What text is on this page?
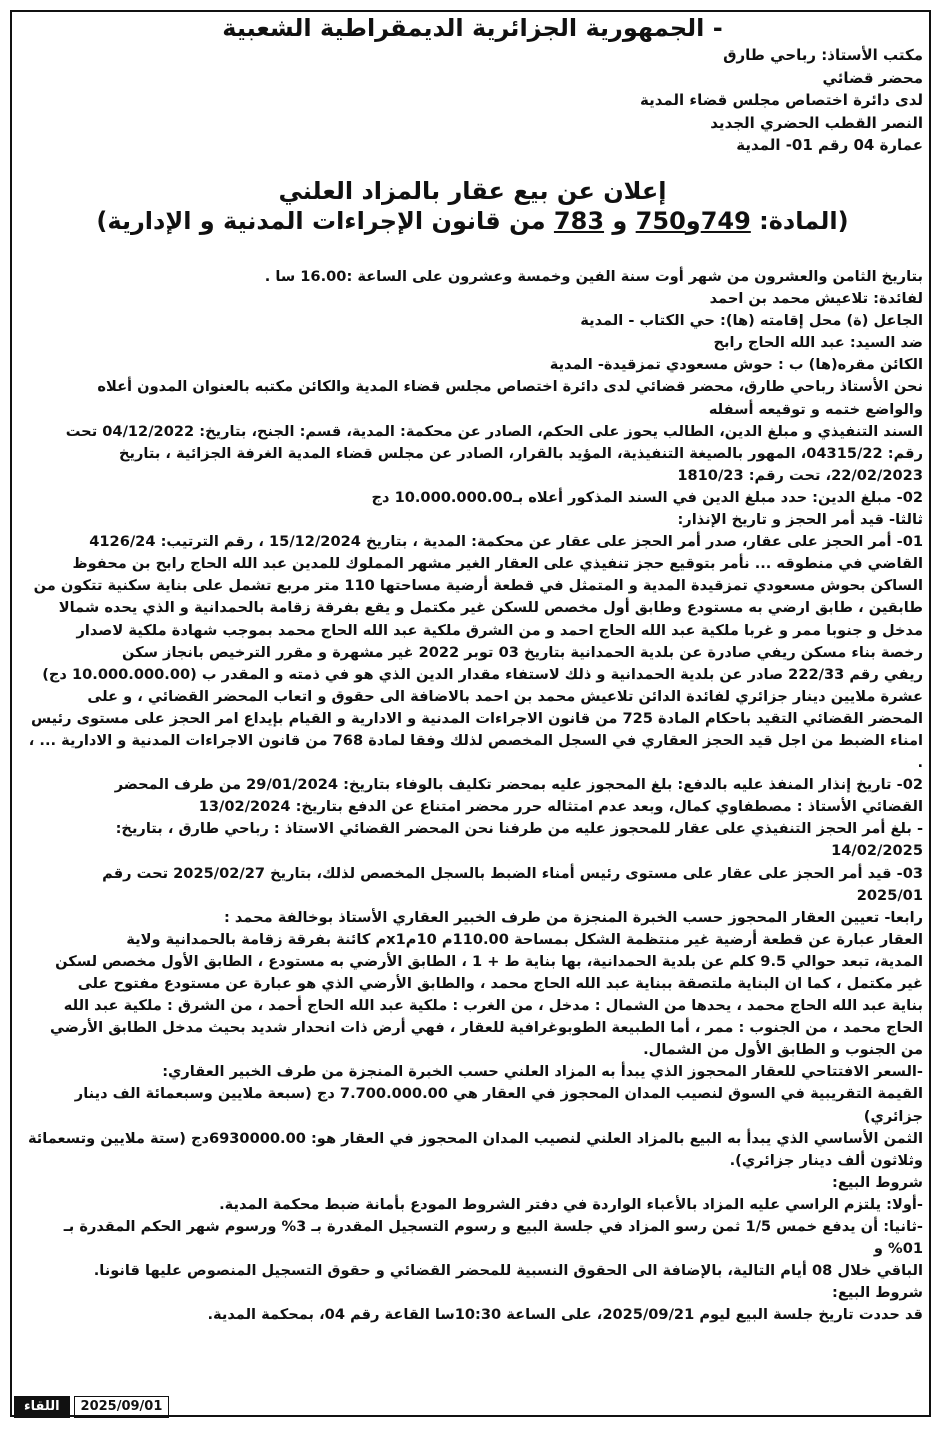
- الجمهورية الجزائرية الديمقراطية الشعبية
مكتب الأستاذ: رباحي طارق
محضر قضائي
لدى دائرة اختصاص مجلس قضاء المدية
النصر القطب الحضري الجديد
عمارة 04 رقم 01- المدية
إعلان عن بيع عقار بالمزاد العلني
(المادة: 749و750 و 783 من قانون الإجراءات المدنية و الإدارية)
بتاريخ الثامن والعشرون من شهر أوت سنة الفين وخمسة وعشرون على الساعة :16.00 سا .
لفائدة: تلاعيش محمد بن احمد
الجاعل (ة) محل إقامته (ها): حي الكتاب - المدية
ضد السيد: عبد الله الحاج رابح
الكائن مقره(ها) ب : حوش مسعودي تمزقيدة- المدية
نحن الأستاذ رباحي طارق، محضر قضائي لدى دائرة اختصاص مجلس قضاء المدية والكائن مكتبه بالعنوان المدون أعلاه
والواضع ختمه و توقيعه أسفله
السند التنفيذي و مبلغ الدين، الطالب يحوز على الحكم، الصادر عن محكمة: المدية، قسم: الجنح، بتاريخ: 04/12/2022 تحت
رقم: 04315/22، المهور بالصيغة التنفيذية، المؤيد بالقرار، الصادر عن مجلس قضاء المدية الغرفة الجزائية ، بتاريخ
22/02/2023، تحت رقم: 1810/23
02- مبلغ الدين: حدد مبلغ الدين في السند المذكور أعلاه بـ10.000.000.00 دج
ثالثا- قيد أمر الحجز و تاريخ الإنذار:
01- أمر الحجز على عقار، صدر أمر الحجز على عقار عن محكمة: المدية ، بتاريخ 15/12/2024 ، رقم الترتيب: 4126/24
القاضي في منطوقه ... نأمر بتوقيع حجز تنفيذي على العقار الغير مشهر المملوك للمدين عبد الله الحاج رابح بن محفوظ
الساكن بحوش مسعودي تمزقيدة المدية و المتمثل في قطعة أرضية مساحتها 110 متر مربع تشمل على بناية سكنية تتكون من
طابقين ، طابق ارضي به مستودع وطابق أول مخصص للسكن غير مكتمل و يقع بفرقة زقامة بالحمدانية و الذي يحده شمالا
مدخل و جنوبا ممر و غربا ملكية عبد الله الحاج احمد و من الشرق ملكية عبد الله الحاج محمد بموجب شهادة ملكية لاصدار
رخصة بناء مسكن ريفي صادرة عن بلدية الحمدانية بتاريخ 03 توبر 2022 غير مشهرة و مقرر الترخيص بانجاز سكن
ريفي رقم 222/33 صادر عن بلدية الحمدانية و ذلك لاستفاء مقدار الدين الذي هو في ذمته و المقدر ب (10.000.000.00 دج)
عشرة ملايين دينار جزائري لفائدة الدائن تلاعيش محمد بن احمد بالاضافة الى حقوق و اتعاب المحضر القضائي ، و على
المحضر القضائي التقيد باحكام المادة 725 من قانون الاجراءات المدنية و الادارية و القيام بإيداع امر الحجز على مستوى رئيس
امناء الضبط من اجل قيد الحجز العقاري في السجل المخصص لذلك وفقا لمادة 768 من قانون الاجراءات المدنية و الادارية ... ،
.
02- تاريخ إنذار المنفذ عليه بالدفع: بلغ المحجوز عليه بمحضر تكليف بالوفاء بتاريخ: 29/01/2024 من طرف المحضر
القضائي الأستاذ : مصطفاوي كمال، وبعد عدم امتثاله حرر محضر امتناع عن الدفع بتاريخ: 13/02/2024
- بلغ أمر الحجز التنفيذي على عقار للمحجوز عليه من طرفنا نحن المحضر القضائي الاستاذ : رباحي طارق ، بتاريخ:
14/02/2025
03- قيد أمر الحجز على عقار على مستوى رئيس أمناء الضبط بالسجل المخصص لذلك، بتاريخ 2025/02/27 تحت رقم
2025/01
رابعا- تعيين العقار المحجوز حسب الخبرة المنجزة من طرف الخبير العقاري الأستاذ بوخالفة محمد :
العقار عبارة عن قطعة أرضية غير منتظمة الشكل بمساحة 110.00م 10مx1م كائنة بفرقة زقامة بالحمدانية ولاية
المدية، تبعد حوالي 9.5 كلم عن بلدية الحمدانية، بها بناية ط + 1 ، الطابق الأرضي به مستودع ، الطابق الأول مخصص لسكن
غير مكتمل ، كما ان البناية ملتصقة ببناية عبد الله الحاج محمد ، والطابق الأرضي الذي هو عبارة عن مستودع مفتوح على
بناية عبد الله الحاج محمد ، يحدها من الشمال : مدخل ، من الغرب : ملكية عبد الله الحاج أحمد ، من الشرق : ملكية عبد الله
الحاج محمد ، من الجنوب : ممر ، أما الطبيعة الطوبوغرافية للعقار ، فهي أرض ذات انحدار شديد بحيث مدخل الطابق الأرضي
من الجنوب و الطابق الأول من الشمال.
-السعر الافتتاحي للعقار المحجوز الذي يبدأ به المزاد العلني حسب الخبرة المنجزة من طرف الخبير العقاري:
القيمة التقريبية في السوق لنصيب المدان المحجوز في العقار هي 7.700.000.00 دج (سبعة ملايين وسبعمائة الف دينار
جزائري)
الثمن الأساسي الذي يبدأ به البيع بالمزاد العلني لنصيب المدان المحجوز في العقار هو: 6930000.00دج (ستة ملايين وتسعمائة
وثلاثون ألف دينار جزائري).
شروط البيع:
-أولا: يلتزم الراسي عليه المزاد بالأعباء الواردة في دفتر الشروط المودع بأمانة ضبط محكمة المدية.
-ثانيا: أن يدفع خمس 1/5 ثمن رسو المزاد في جلسة البيع و رسوم التسجيل المقدرة بـ 3% ورسوم شهر الحكم المقدرة بـ 01% و
الباقي خلال 08 أيام التالية، بالإضافة الى الحقوق النسبية للمحضر القضائي و حقوق التسجيل المنصوص عليها قانونا.
شروط البيع:
قد حددت تاريخ جلسة البيع ليوم 2025/09/21، على الساعة 10:30سا القاعة رقم 04، بمحكمة المدية.
اللقاء	2025/09/01
